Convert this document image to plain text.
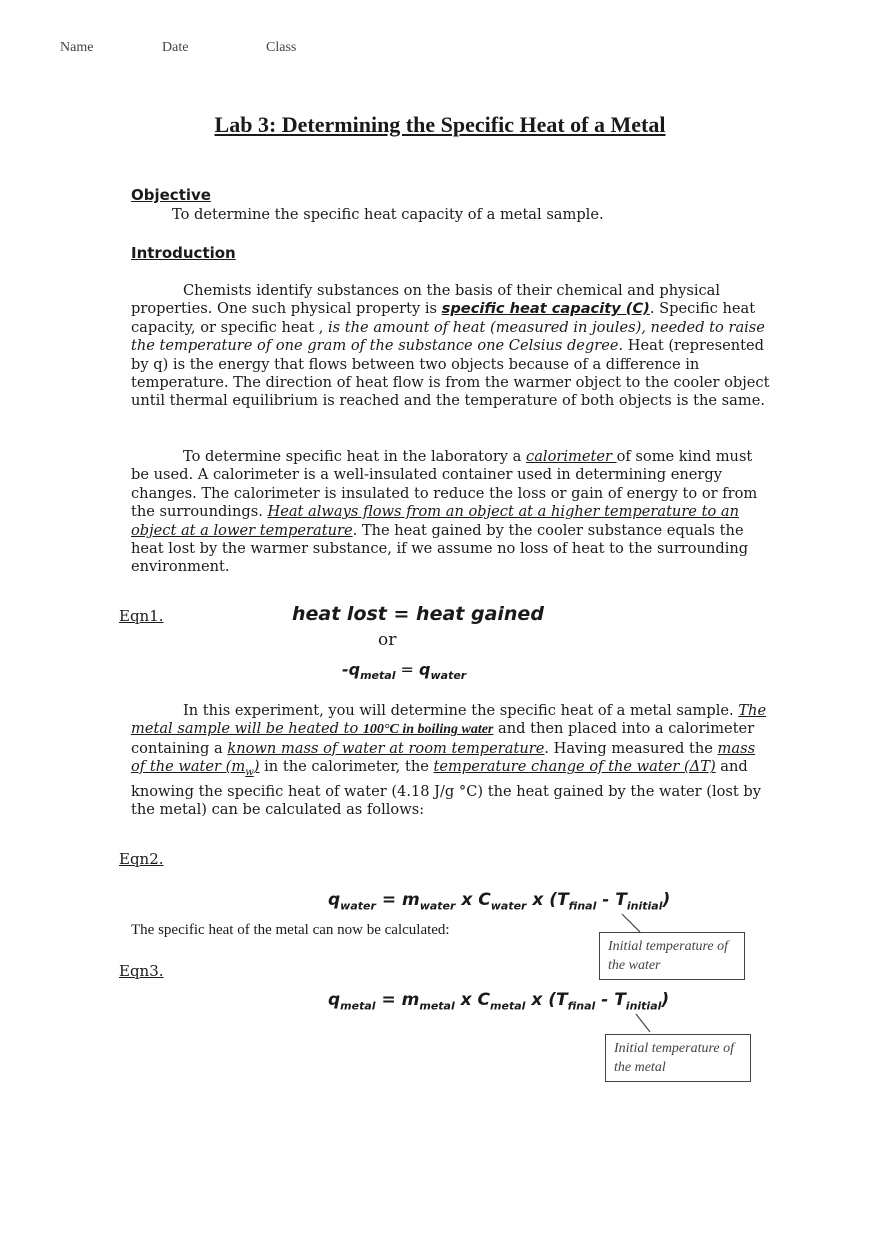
Name	Date	Class
Lab 3: Determining the Specific Heat of a Metal
Objective
To determine the specific heat capacity of a metal sample.
Introduction

Chemists identify substances on the basis of their chemical and physical properties. One such physical property is specific heat capacity (C). Specific heat capacity, or specific heat , is the amount of heat (measured in joules), needed to raise the temperature of one gram of the substance one Celsius degree. Heat (represented by q) is the energy that flows between two objects because of a difference in temperature. The direction of heat flow is from the warmer object to the cooler object until thermal equilibrium is reached and the temperature of both objects is the same.

To determine specific heat in the laboratory a calorimeter of some kind must be used. A calorimeter is a well-insulated container used in determining energy changes. The calorimeter is insulated to reduce the loss or gain of energy to or from the surroundings. Heat always flows from an object at a higher temperature to an object at a lower temperature. The heat gained by the cooler substance equals the heat lost by the warmer substance, if we assume no loss of heat to the surrounding environment.

Eqn1.	heat lost = heat gained
or
$-q_{metal} = q_{water}$

In this experiment, you will determine the specific heat of a metal sample. The metal sample will be heated to 100°C in boiling water and then placed into a calorimeter containing a known mass of water at room temperature. Having measured the mass of the water $(m_w)$ in the calorimeter, the temperature change of the water (ΔT) and knowing the specific heat of water (4.18 J/g °C) the heat gained by the water (lost by the metal) can be calculated as follows:

Eqn2.
$q_{water} = m_{water}$ x $C_{water}$ x $(T_{final} - T_{initial})$
The specific heat of the metal can now be calculated:
Initial temperature of the water
Eqn3.
$q_{metal} = m_{metal}$ x $C_{metal}$ x $(T_{final} - T_{initial})$
Initial temperature of the metal
